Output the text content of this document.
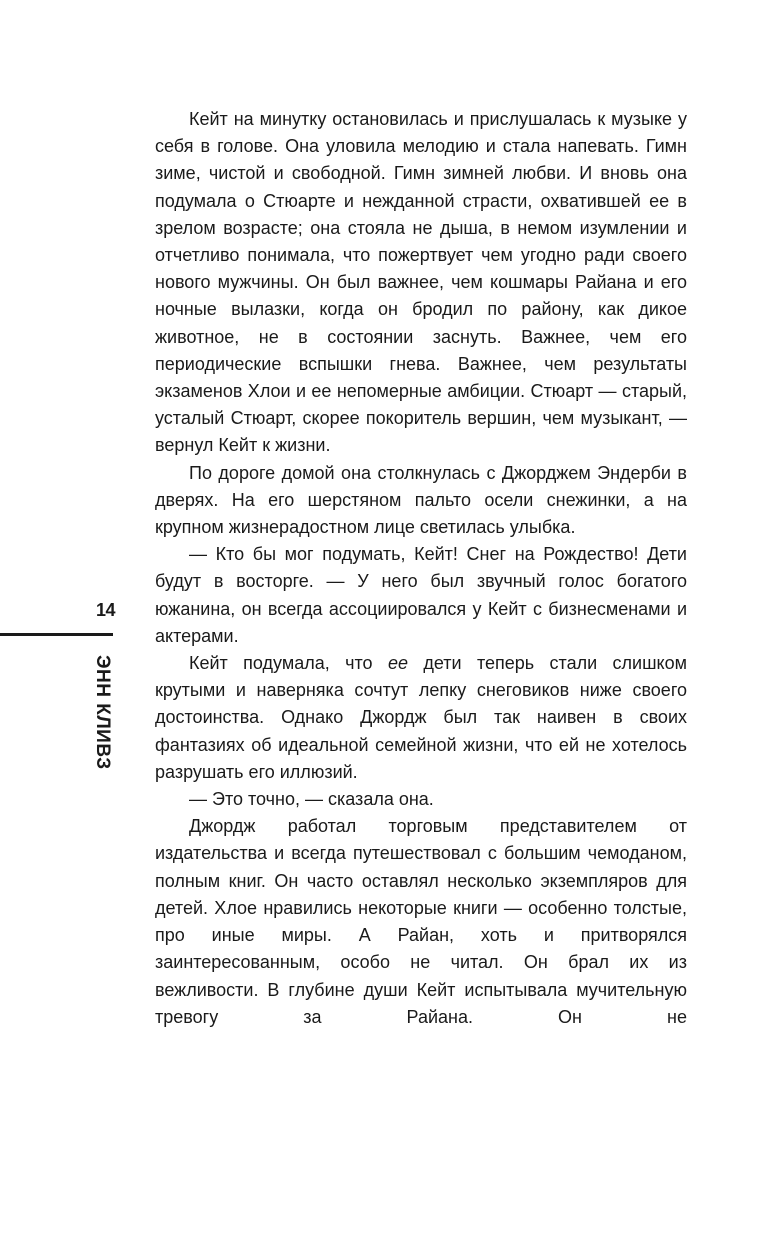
14
ЭНН КЛИВЗ

Кейт на минутку остановилась и прислушалась к музыке у себя в голове. Она уловила мелодию и стала напевать. Гимн зиме, чистой и свободной. Гимн зимней любви. И вновь она подумала о Стюарте и нежданной страсти, охватившей ее в зрелом возрасте; она стояла не дыша, в немом изумлении и отчетливо понимала, что пожертвует чем угодно ради своего нового мужчины. Он был важнее, чем кошмары Райана и его ночные вылазки, когда он бродил по району, как дикое животное, не в состоянии заснуть. Важнее, чем его периодические вспышки гнева. Важнее, чем результаты экзаменов Хлои и ее непомерные амбиции. Стюарт — старый, усталый Стюарт, скорее покоритель вершин, чем музыкант, — вернул Кейт к жизни.

По дороге домой она столкнулась с Джорджем Эндерби в дверях. На его шерстяном пальто осели снежинки, а на крупном жизнерадостном лице светилась улыбка.

— Кто бы мог подумать, Кейт! Снег на Рождество! Дети будут в восторге. — У него был звучный голос богатого южанина, он всегда ассоциировался у Кейт с бизнесменами и актерами.

Кейт подумала, что ее дети теперь стали слишком крутыми и наверняка сочтут лепку снеговиков ниже своего достоинства. Однако Джордж был так наивен в своих фантазиях об идеальной семейной жизни, что ей не хотелось разрушать его иллюзий.

— Это точно, — сказала она.

Джордж работал торговым представителем от издательства и всегда путешествовал с большим чемоданом, полным книг. Он часто оставлял несколько экземпляров для детей. Хлое нравились некоторые книги — особенно толстые, про иные миры. А Райан, хоть и притворялся заинтересованным, особо не читал. Он брал их из вежливости. В глубине души Кейт испытывала мучительную тревогу за Райана. Он не
